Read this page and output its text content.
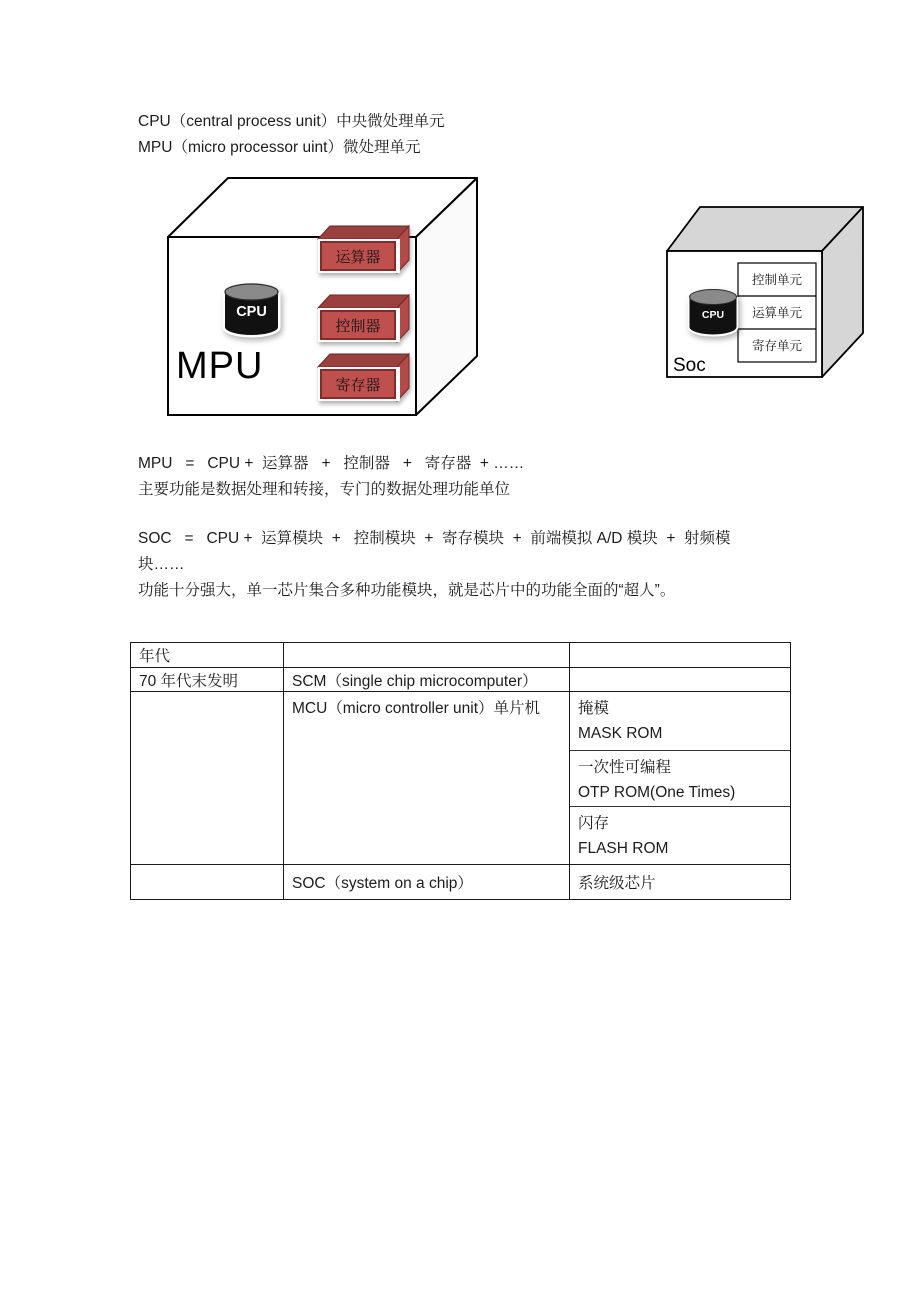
CPU（central process unit）中央微处理单元
MPU（micro processor uint）微处理单元
CPU
MPU
运算器
控制器
寄存器
控制单元
运算单元
寄存单元
CPU
Soc
MPU   =   CPU +  运算器   +   控制器   +   寄存器  + ……
主要功能是数据处理和转接，专门的数据处理功能单位
SOC   =   CPU +  运算模块  +   控制模块  +  寄存模块  +  前端模拟 A/D 模块  +  射频模
块……
功能十分强大，单一芯片集合多种功能模块，就是芯片中的功能全面的“超人”。
年代		
70 年代末发明	SCM（single chip microcomputer）	
	MCU（micro controller unit）单片机	掩模
MASK ROM
一次性可编程
OTP ROM(One Times)
闪存
FLASH ROM

	SOC（system on a chip）	系统级芯片
